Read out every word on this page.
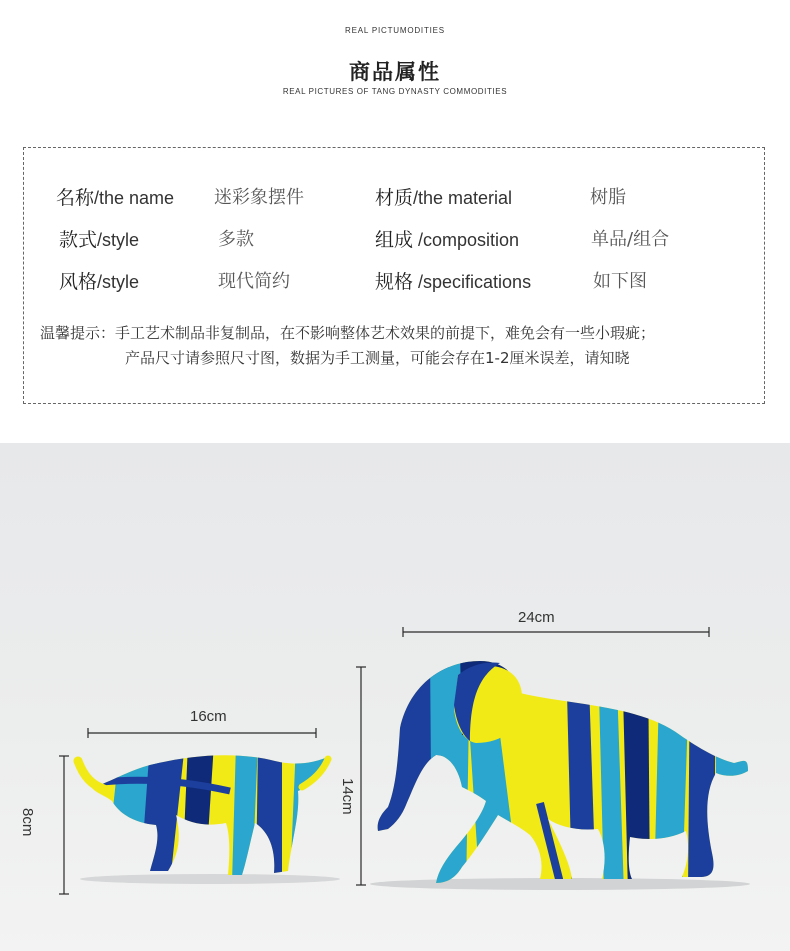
REAL PICTUMODITIES
商品属性
REAL PICTURES OF TANG DYNASTY COMMODITIES
名称/the name 迷彩象摆件	材质/the material	树脂
款式/style	多款	组成 /composition	单品/组合
风格/style	现代简约	规格 /specifications	如下图
温馨提示：手工艺术制品非复制品，在不影响整体艺术效果的前提下，难免会有一些小瑕疵；
产品尺寸请参照尺寸图，数据为手工测量，可能会存在1-2厘米误差，请知晓
16cm
8cm
24cm
14cm
